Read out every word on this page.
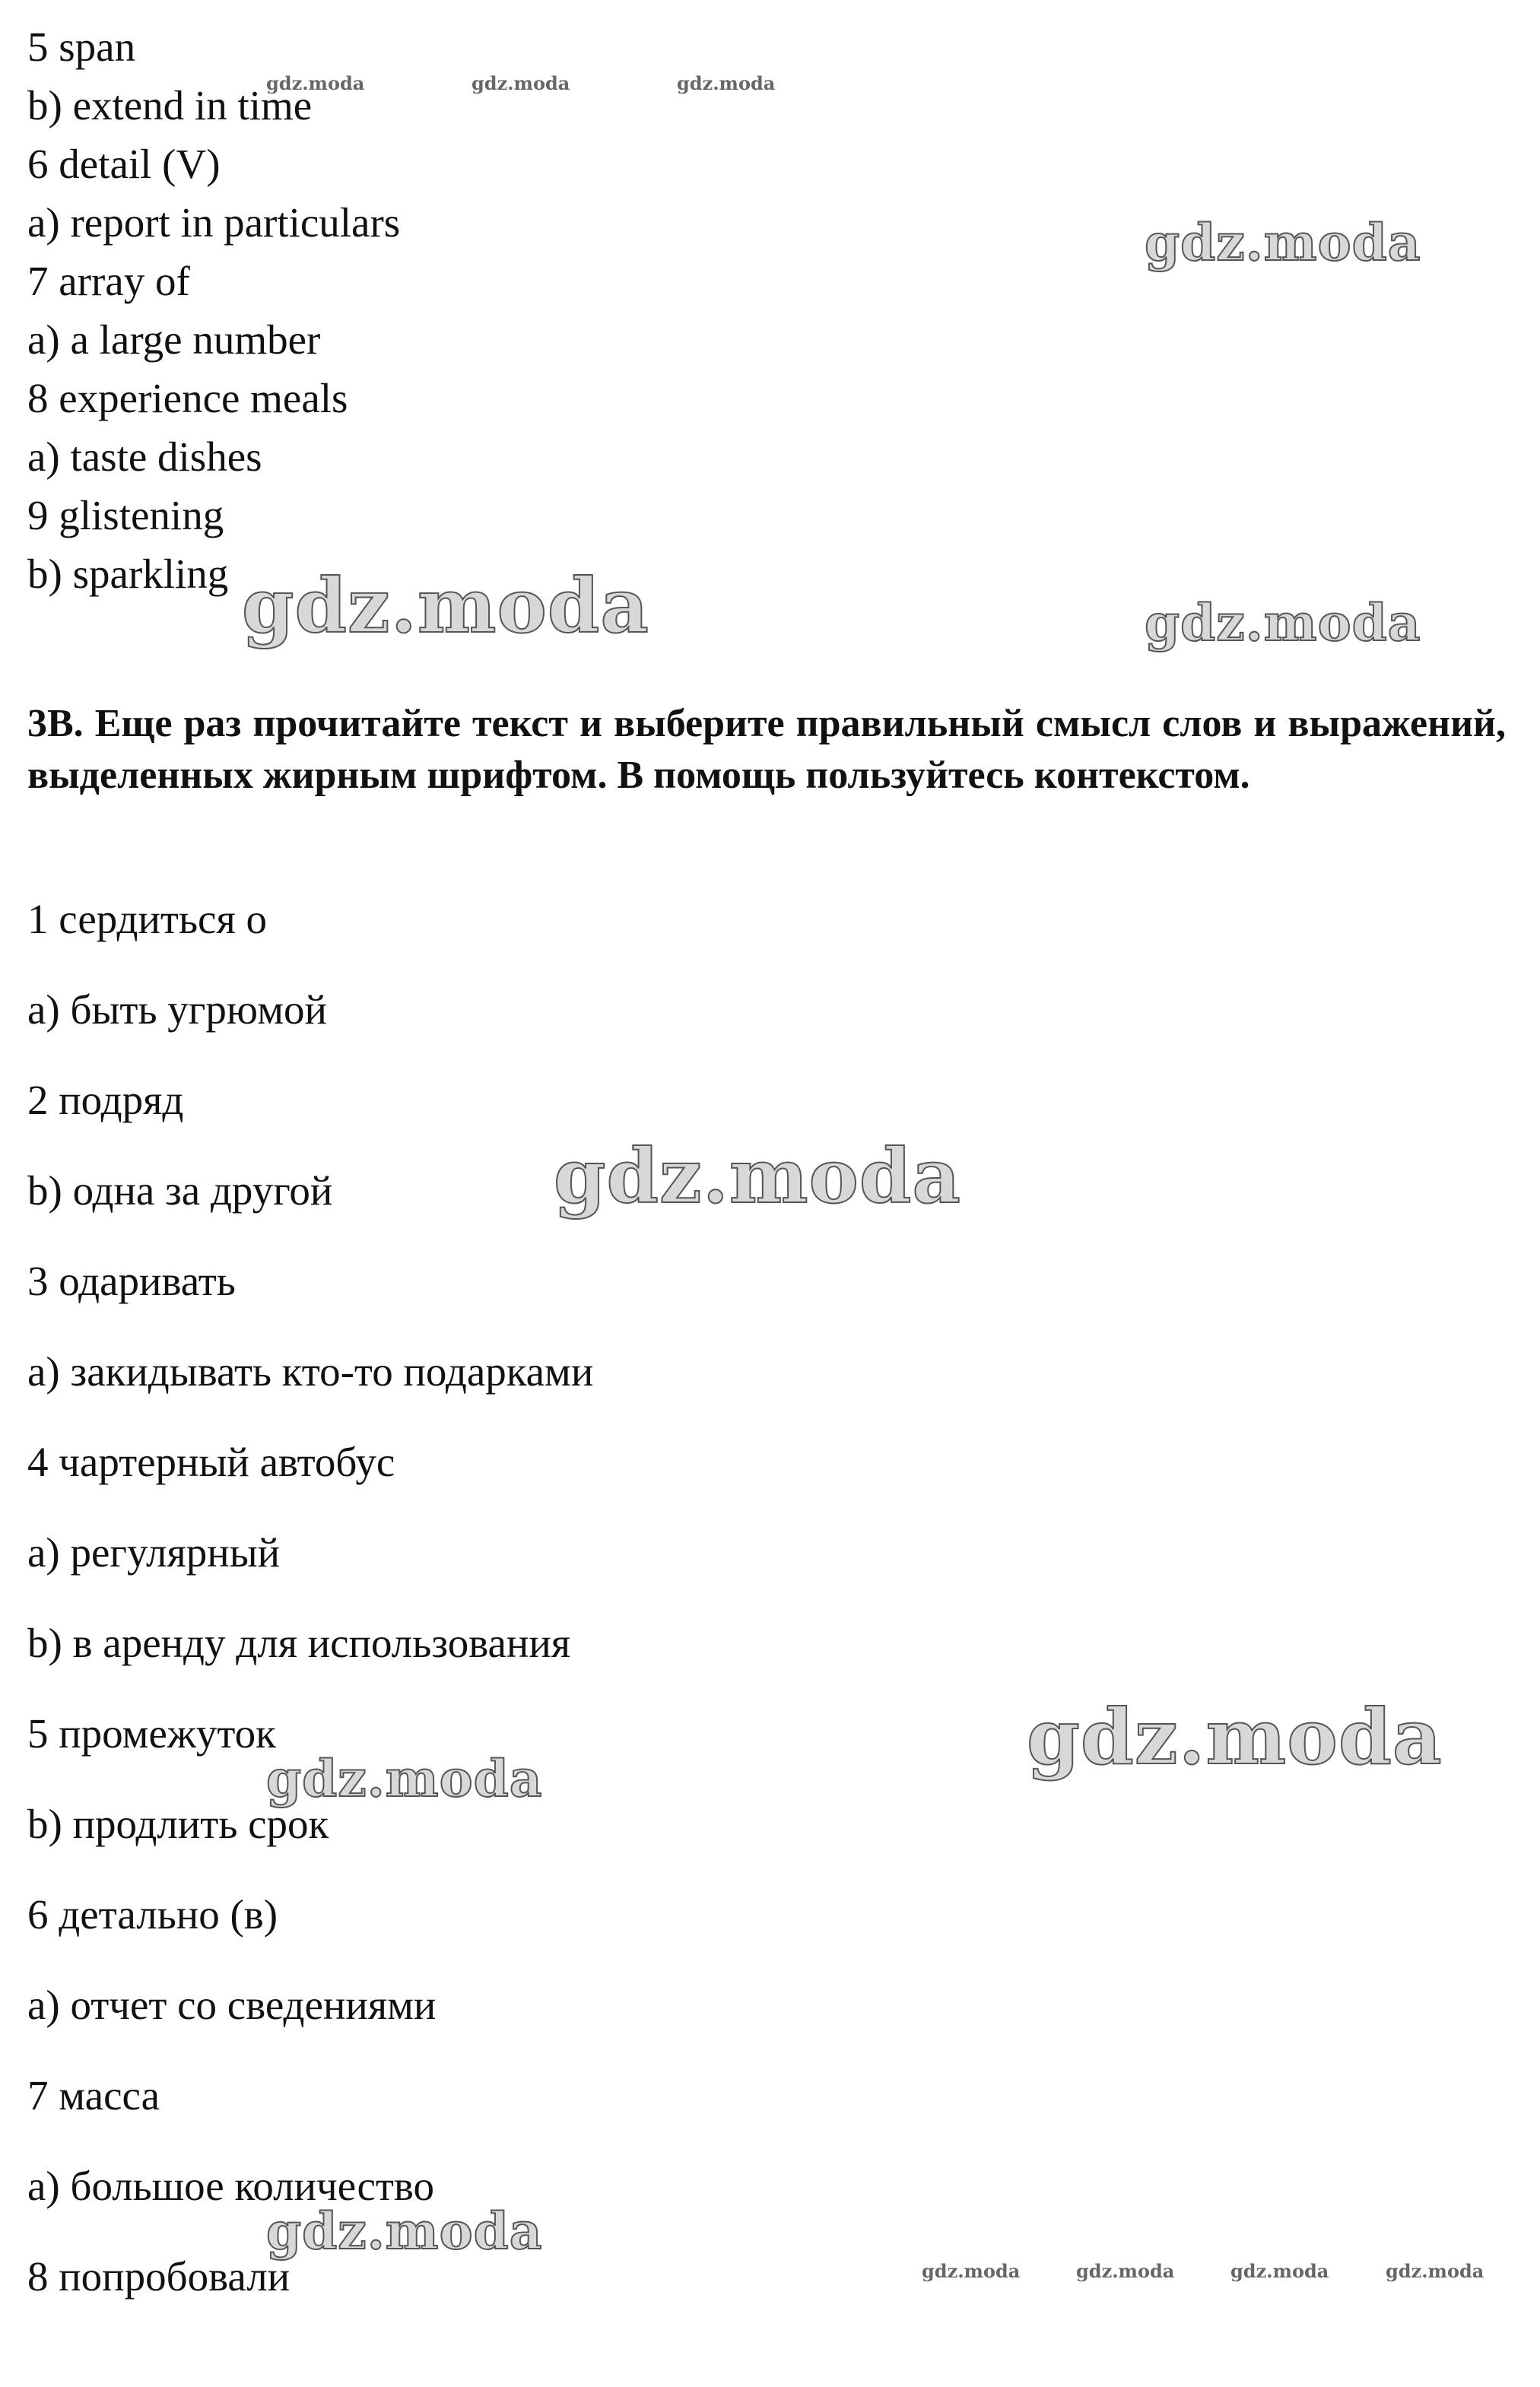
5 span
b) extend in time
6 detail (V)
a) report in particulars
7 array of
a) a large number
8 experience meals
a) taste dishes
9 glistening
b) sparkling
3B. Еще раз прочитайте текст и выберите правильный смысл слов и выражений, выделенных жирным шрифтом. В помощь пользуйтесь контекстом.
1 сердиться о
a) быть угрюмой
2 подряд
b) одна за другой
3 одаривать
a) закидывать кто-то подарками
4 чартерный автобус
a) регулярный
b) в аренду для использования
5 промежуток
b) продлить срок
6 детально (в)
a) отчет со сведениями
7 масса
a) большое количество
8 попробовали
gdz.moda	gdz.moda	gdz.moda
gdz.moda
gdz.moda	gdz.moda
gdz.moda
gdz.moda
gdz.moda
gdz.moda
gdz.moda	gdz.moda	gdz.moda	gdz.moda
